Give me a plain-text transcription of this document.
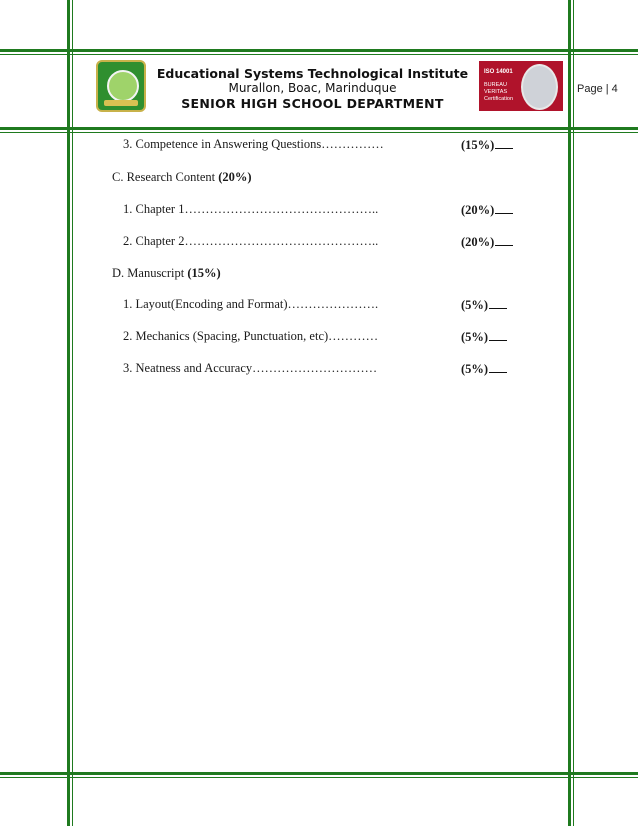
Educational Systems Technological Institute
Murallon, Boac, Marinduque
SENIOR HIGH SCHOOL DEPARTMENT
ISO 14001
BUREAU VERITAS
Certification
Page | 4
3. Competence in Answering Questions……………	(15%)
C. Research Content (20%)
1. Chapter 1………………………………………..	(20%)
2. Chapter 2………………………………………..	(20%)
D. Manuscript (15%)
1. Layout(Encoding and Format)………………….	(5%)
2. Mechanics (Spacing, Punctuation, etc)…………	(5%)
3. Neatness and Accuracy…………………………	(5%)
